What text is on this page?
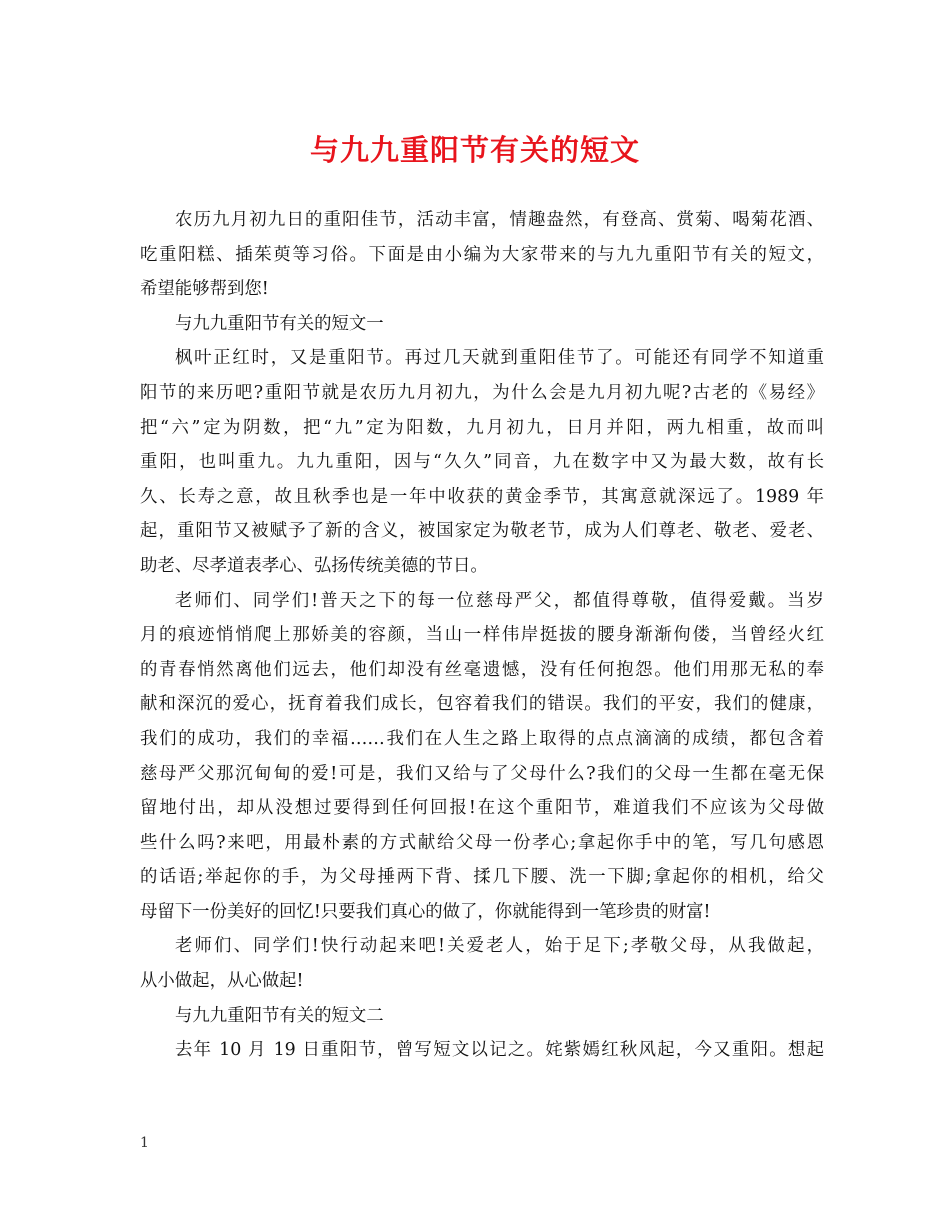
与九九重阳节有关的短文

农历九月初九日的重阳佳节，活动丰富，情趣盎然，有登高、赏菊、喝菊花酒、
吃重阳糕、插茱萸等习俗。下面是由小编为大家带来的与九九重阳节有关的短文，
希望能够帮到您!

与九九重阳节有关的短文一

枫叶正红时，又是重阳节。再过几天就到重阳佳节了。可能还有同学不知道重
阳节的来历吧?重阳节就是农历九月初九，为什么会是九月初九呢?古老的《易经》
把“六”定为阴数，把“九”定为阳数，九月初九，日月并阳，两九相重，故而叫
重阳，也叫重九。九九重阳，因与“久久”同音，九在数字中又为最大数，故有长
久、长寿之意，故且秋季也是一年中收获的黄金季节，其寓意就深远了。1989 年
起，重阳节又被赋予了新的含义，被国家定为敬老节，成为人们尊老、敬老、爱老、
助老、尽孝道表孝心、弘扬传统美德的节日。

老师们、同学们!普天之下的每一位慈母严父，都值得尊敬，值得爱戴。当岁
月的痕迹悄悄爬上那娇美的容颜，当山一样伟岸挺拔的腰身渐渐佝偻，当曾经火红
的青春悄然离他们远去，他们却没有丝毫遗憾，没有任何抱怨。他们用那无私的奉
献和深沉的爱心，抚育着我们成长，包容着我们的错误。我们的平安，我们的健康，
我们的成功，我们的幸福……我们在人生之路上取得的点点滴滴的成绩，都包含着
慈母严父那沉甸甸的爱!可是，我们又给与了父母什么?我们的父母一生都在毫无保
留地付出，却从没想过要得到任何回报!在这个重阳节，难道我们不应该为父母做
些什么吗?来吧，用最朴素的方式献给父母一份孝心;拿起你手中的笔，写几句感恩
的话语;举起你的手，为父母捶两下背、揉几下腰、洗一下脚;拿起你的相机，给父
母留下一份美好的回忆!只要我们真心的做了，你就能得到一笔珍贵的财富!

老师们、同学们!快行动起来吧!关爱老人，始于足下;孝敬父母，从我做起，
从小做起，从心做起!

与九九重阳节有关的短文二

去年 10 月 19 日重阳节，曾写短文以记之。姹紫嫣红秋风起，今又重阳。想起

1
